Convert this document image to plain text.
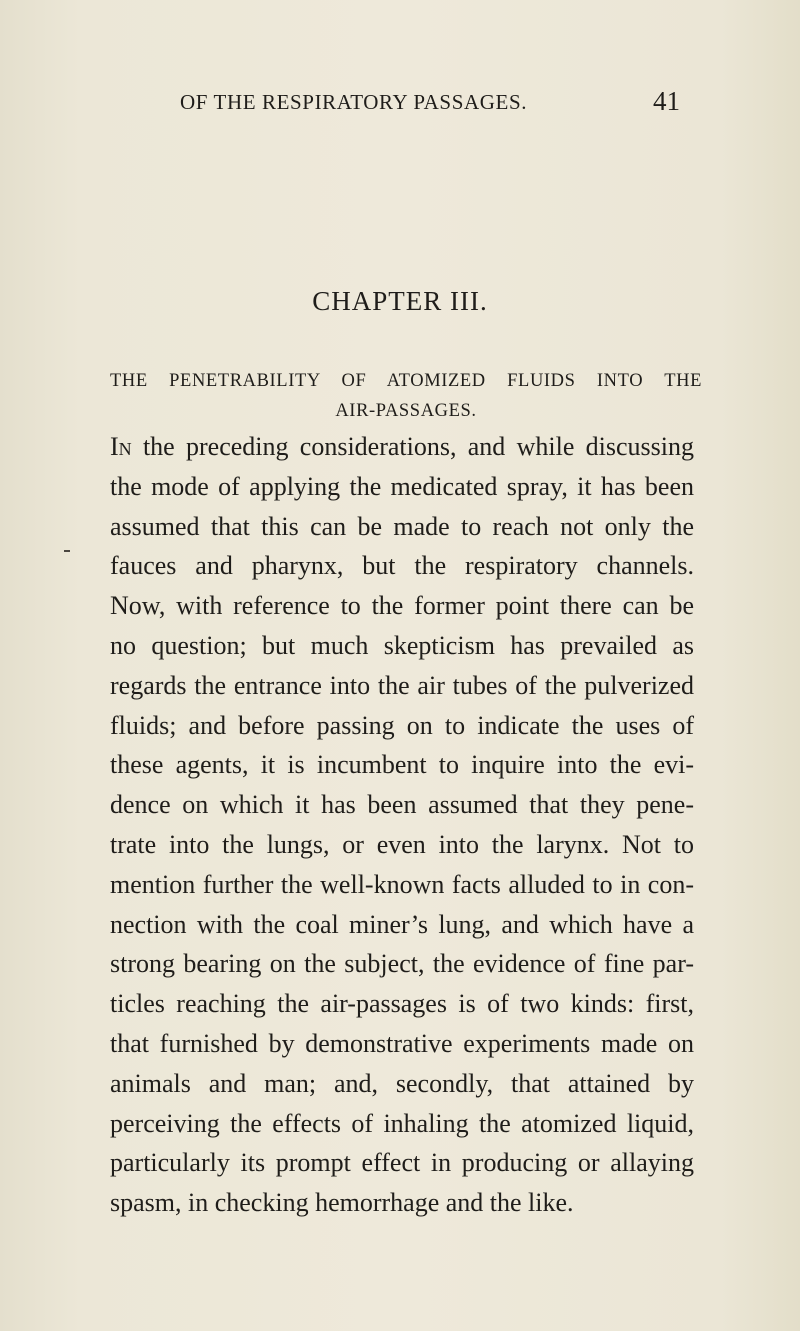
OF THE RESPIRATORY PASSAGES.	41
CHAPTER III.
THE PENETRABILITY OF ATOMIZED FLUIDS INTO THE
AIR-PASSAGES.
In the preceding considerations, and while discussing
the mode of applying the medicated spray, it has been
assumed that this can be made to reach not only the
fauces and pharynx, but the respiratory channels.
Now, with reference to the former point there can be
no question; but much skepticism has prevailed as
regards the entrance into the air tubes of the pulverized
fluids; and before passing on to indicate the uses of
these agents, it is incumbent to inquire into the evi-
dence on which it has been assumed that they pene-
trate into the lungs, or even into the larynx. Not to
mention further the well-known facts alluded to in con-
nection with the coal miner’s lung, and which have a
strong bearing on the subject, the evidence of fine par-
ticles reaching the air-passages is of two kinds: first,
that furnished by demonstrative experiments made on
animals and man; and, secondly, that attained by
perceiving the effects of inhaling the atomized liquid,
particularly its prompt effect in producing or allaying
spasm, in checking hemorrhage and the like.
